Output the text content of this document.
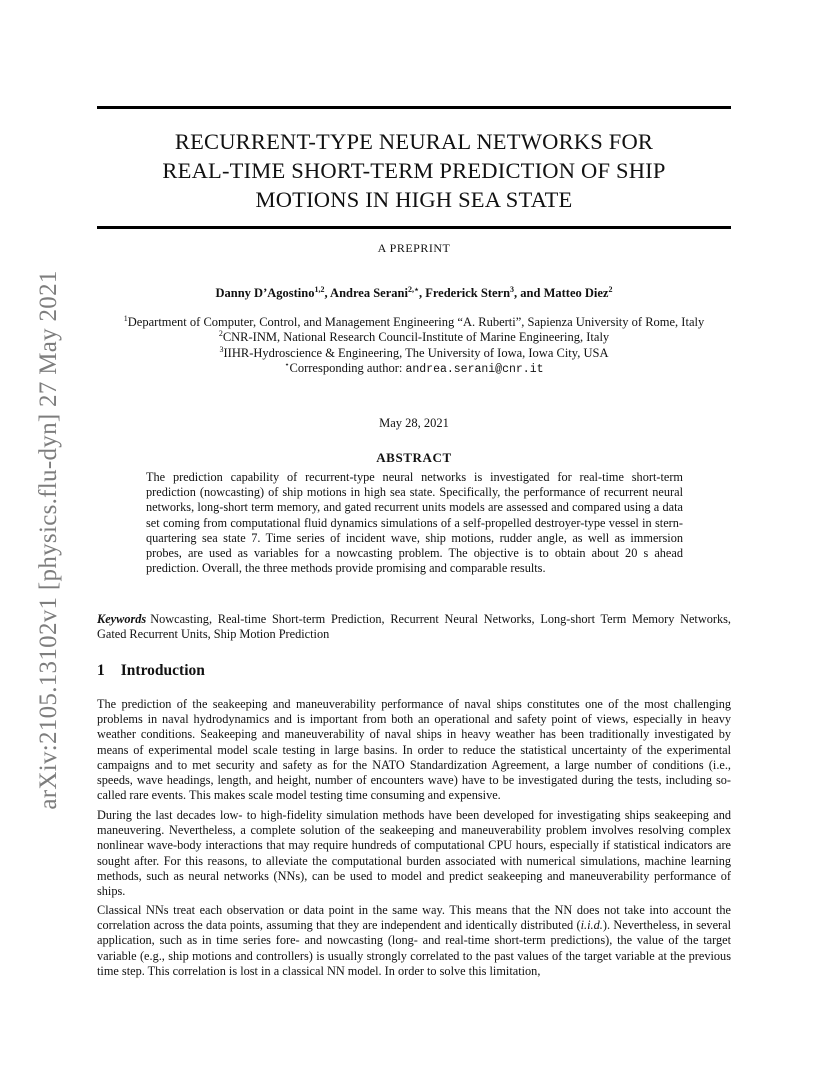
arXiv:2105.13102v1 [physics.flu-dyn] 27 May 2021
RECURRENT-TYPE NEURAL NETWORKS FOR
REAL-TIME SHORT-TERM PREDICTION OF SHIP
MOTIONS IN HIGH SEA STATE
A PREPRINT
Danny D’Agostino$^{1,2}$, Andrea Serani$^{2,⋆}$, Frederick Stern$^3$, and Matteo Diez$^2$
$^1$Department of Computer, Control, and Management Engineering “A. Ruberti”, Sapienza University of Rome, Italy
$^2$CNR-INM, National Research Council-Institute of Marine Engineering, Italy
$^3$IIHR-Hydroscience & Engineering, The University of Iowa, Iowa City, USA
⋆Corresponding author: andrea.serani@cnr.it
May 28, 2021
ABSTRACT

The prediction capability of recurrent-type neural networks is investigated for real-time short-term prediction (nowcasting) of ship motions in high sea state. Specifically, the performance of recurrent neural networks, long-short term memory, and gated recurrent units models are assessed and compared using a data set coming from computational fluid dynamics simulations of a self-propelled destroyer-type vessel in stern-quartering sea state 7. Time series of incident wave, ship motions, rudder angle, as well as immersion probes, are used as variables for a nowcasting problem. The objective is to obtain about 20 s ahead prediction. Overall, the three methods provide promising and comparable results.

Keywords Nowcasting, Real-time Short-term Prediction, Recurrent Neural Networks, Long-short Term Memory Networks, Gated Recurrent Units, Ship Motion Prediction

1 Introduction

The prediction of the seakeeping and maneuverability performance of naval ships constitutes one of the most challenging problems in naval hydrodynamics and is important from both an operational and safety point of views, especially in heavy weather conditions. Seakeeping and maneuverability of naval ships in heavy weather has been traditionally investigated by means of experimental model scale testing in large basins. In order to reduce the statistical uncertainty of the experimental campaigns and to met security and safety as for the NATO Standardization Agreement, a large number of conditions (i.e., speeds, wave headings, length, and height, number of encounters wave) have to be investigated during the tests, including so-called rare events. This makes scale model testing time consuming and expensive.

During the last decades low- to high-fidelity simulation methods have been developed for investigating ships seakeeping and maneuvering. Nevertheless, a complete solution of the seakeeping and maneuverability problem involves resolving complex nonlinear wave-body interactions that may require hundreds of computational CPU hours, especially if statistical indicators are sought after. For this reasons, to alleviate the computational burden associated with numerical simulations, machine learning methods, such as neural networks (NNs), can be used to model and predict seakeeping and maneuverability performance of ships.

Classical NNs treat each observation or data point in the same way. This means that the NN does not take into account the correlation across the data points, assuming that they are independent and identically distributed (i.i.d.). Nevertheless, in several application, such as in time series fore- and nowcasting (long- and real-time short-term predictions), the value of the target variable (e.g., ship motions and controllers) is usually strongly correlated to the past values of the target variable at the previous time step. This correlation is lost in a classical NN model. In order to solve this limitation,
